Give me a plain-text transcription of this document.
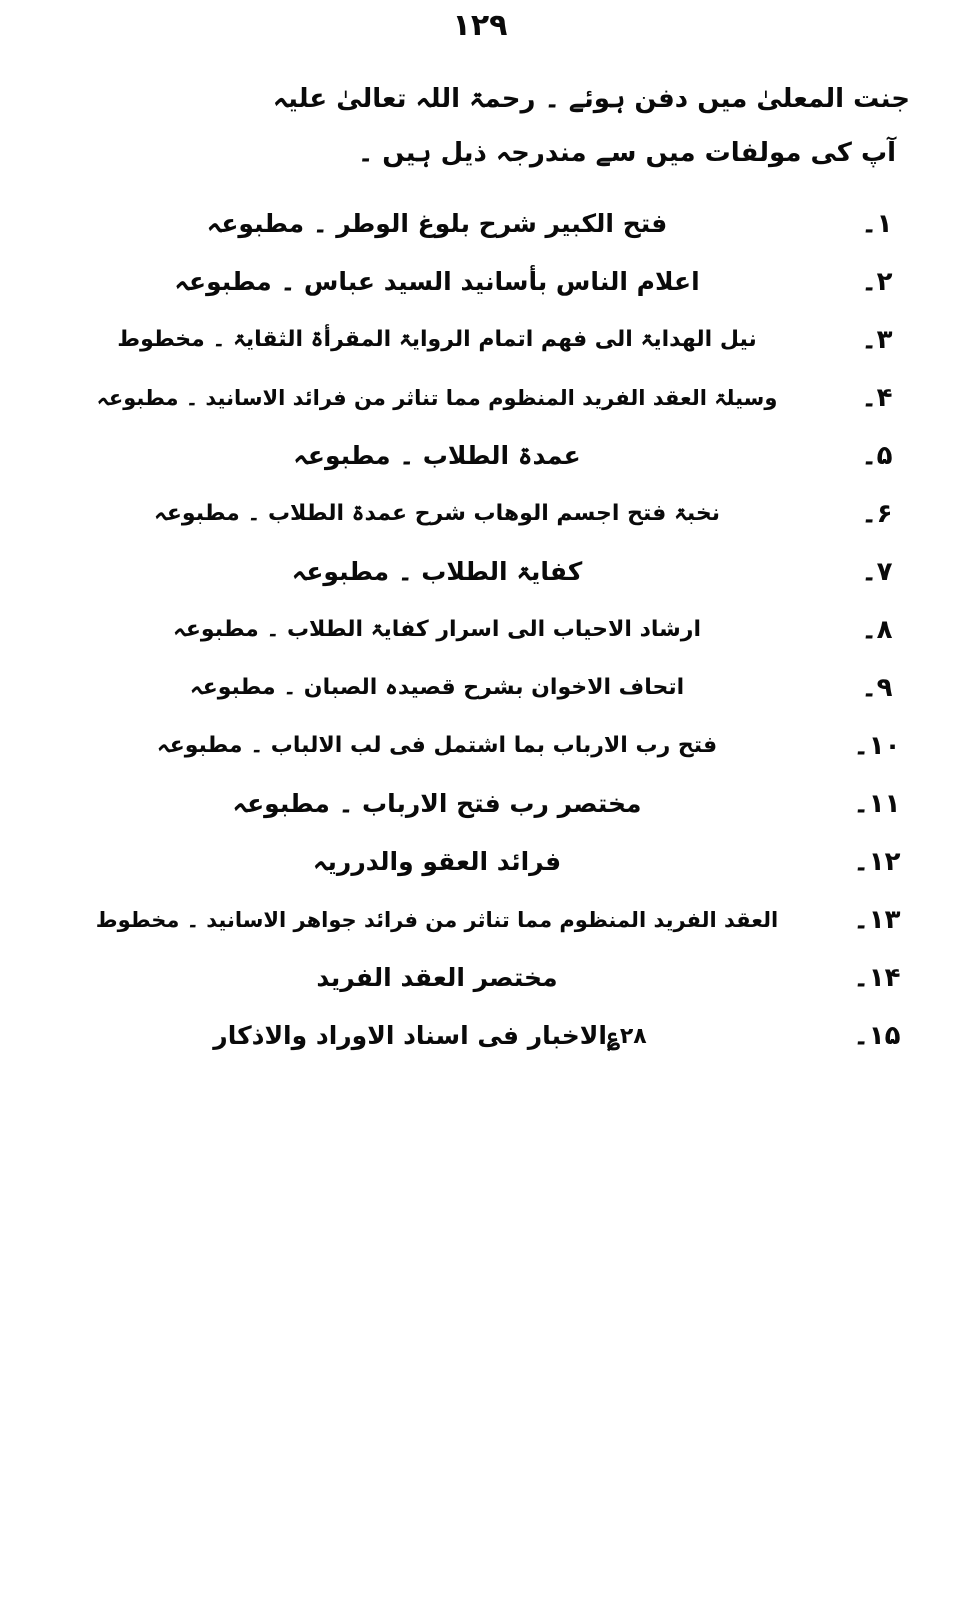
۱۲۹
جنت المعلیٰ میں دفن ہوئے ۔ رحمۃ اللہ تعالیٰ علیہ
آپ کی مولفات میں سے مندرجہ ذیل ہیں ۔
۱۔
فتح الکبیر شرح بلوغ الوطر ۔ مطبوعہ
۲۔
اعلام الناس بأسانید السید عباس ۔ مطبوعہ
۳۔
نیل الھدایۃ الی فھم اتمام الروایۃ المقرأۃ الثقایۃ ۔ مخطوط
۴۔
وسیلۃ العقد الفرید المنظوم مما تناثر من فرائد الاسانید ۔ مطبوعہ
۵۔
عمدۃ الطلاب ۔ مطبوعہ
۶۔
نخبۃ فتح اجسم الوھاب شرح عمدۃ الطلاب ۔ مطبوعہ
۷۔
کفایۃ الطلاب ۔ مطبوعہ
۸۔
ارشاد الاحیاب الی اسرار کفایۃ الطلاب ۔ مطبوعہ
۹۔
اتحاف الاخوان بشرح قصیدہ الصبان ۔ مطبوعہ
۱۰۔
فتح رب الارباب بما اشتمل فی لب الالباب ۔ مطبوعہ
۱۱۔
مختصر رب فتح الارباب ۔ مطبوعہ
۱۲۔
فرائد العقو والدرریہ
۱۳۔
العقد الفرید المنظوم مما تناثر من فرائد جواھر الاسانید ۔ مخطوط
۱۴۔
مختصر العقد الفرید
۱۵۔
۲۸؏الاخبار فی اسناد الاوراد والاذکار
